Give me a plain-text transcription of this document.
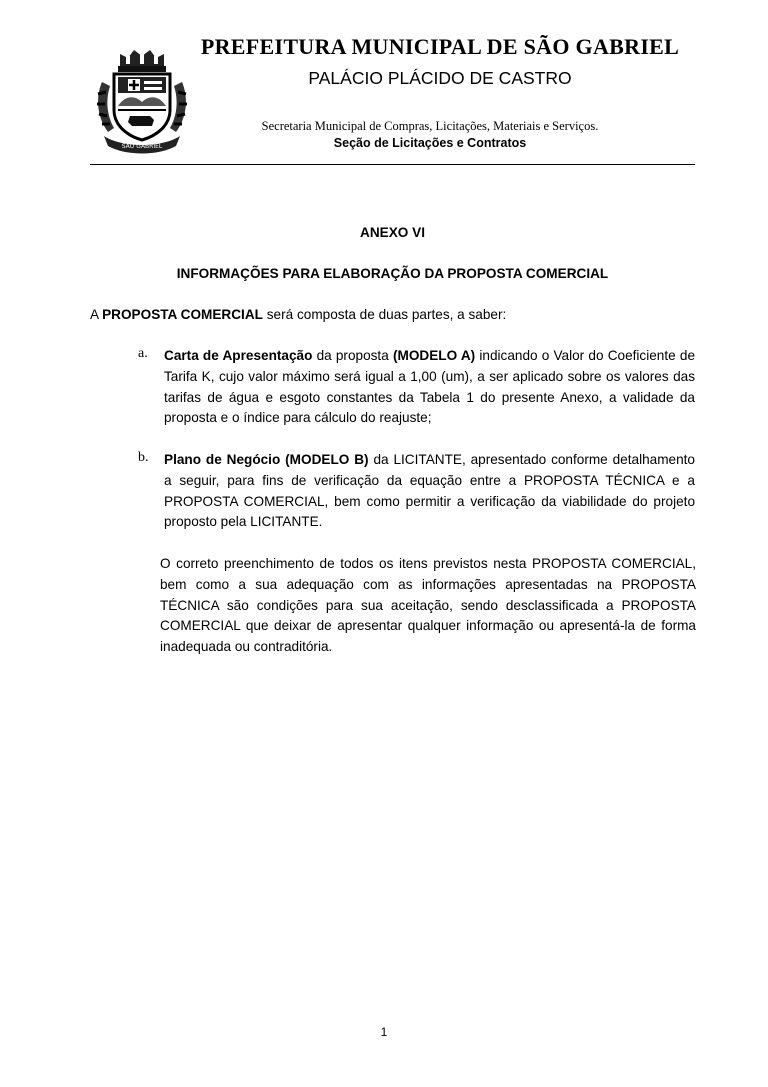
SÃO GABRIEL
PREFEITURA MUNICIPAL DE SÃO GABRIEL
PALÁCIO PLÁCIDO DE CASTRO
Secretaria Municipal de Compras, Licitações, Materiais e Serviços.
Seção de Licitações e Contratos
ANEXO VI
INFORMAÇÕES PARA ELABORAÇÃO DA PROPOSTA COMERCIAL
A PROPOSTA COMERCIAL será composta de duas partes, a saber:
a. Carta de Apresentação da proposta (MODELO A) indicando o Valor do Coeficiente de Tarifa K, cujo valor máximo será igual a 1,00 (um), a ser aplicado sobre os valores das tarifas de água e esgoto constantes da Tabela 1 do presente Anexo, a validade da proposta e o índice para cálculo do reajuste;
b. Plano de Negócio (MODELO B) da LICITANTE, apresentado conforme detalhamento a seguir, para fins de verificação da equação entre a PROPOSTA TÉCNICA e a PROPOSTA COMERCIAL, bem como permitir a verificação da viabilidade do projeto proposto pela LICITANTE.
O correto preenchimento de todos os itens previstos nesta PROPOSTA COMERCIAL, bem como a sua adequação com as informações apresentadas na PROPOSTA TÉCNICA são condições para sua aceitação, sendo desclassificada a PROPOSTA COMERCIAL que deixar de apresentar qualquer informação ou apresentá-la de forma inadequada ou contraditória.
1
